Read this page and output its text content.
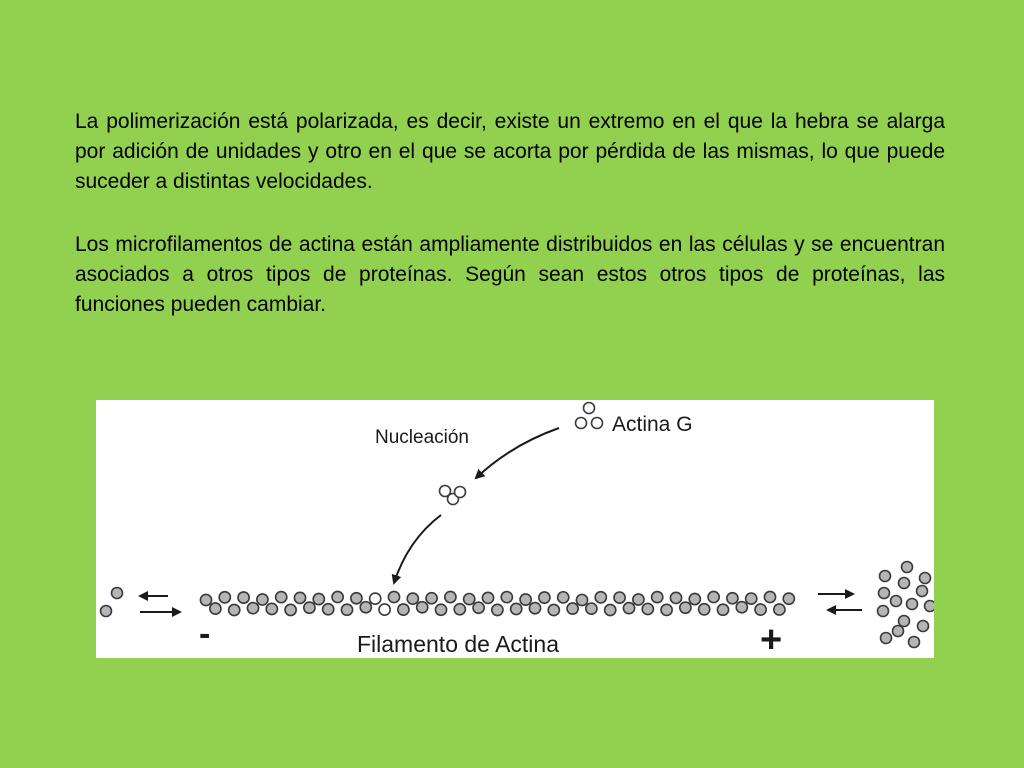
La polimerización está polarizada, es decir, existe un extremo en el que la hebra se alarga por adición de unidades y otro en el que se acorta por pérdida de las mismas, lo que puede suceder a distintas velocidades.

Los microfilamentos de actina están ampliamente distribuidos en las células y se encuentran asociados a otros tipos de proteínas. Según sean estos otros tipos de proteínas, las funciones pueden cambiar.

Actina G
Nucleación
-	+
Filamento de Actina
